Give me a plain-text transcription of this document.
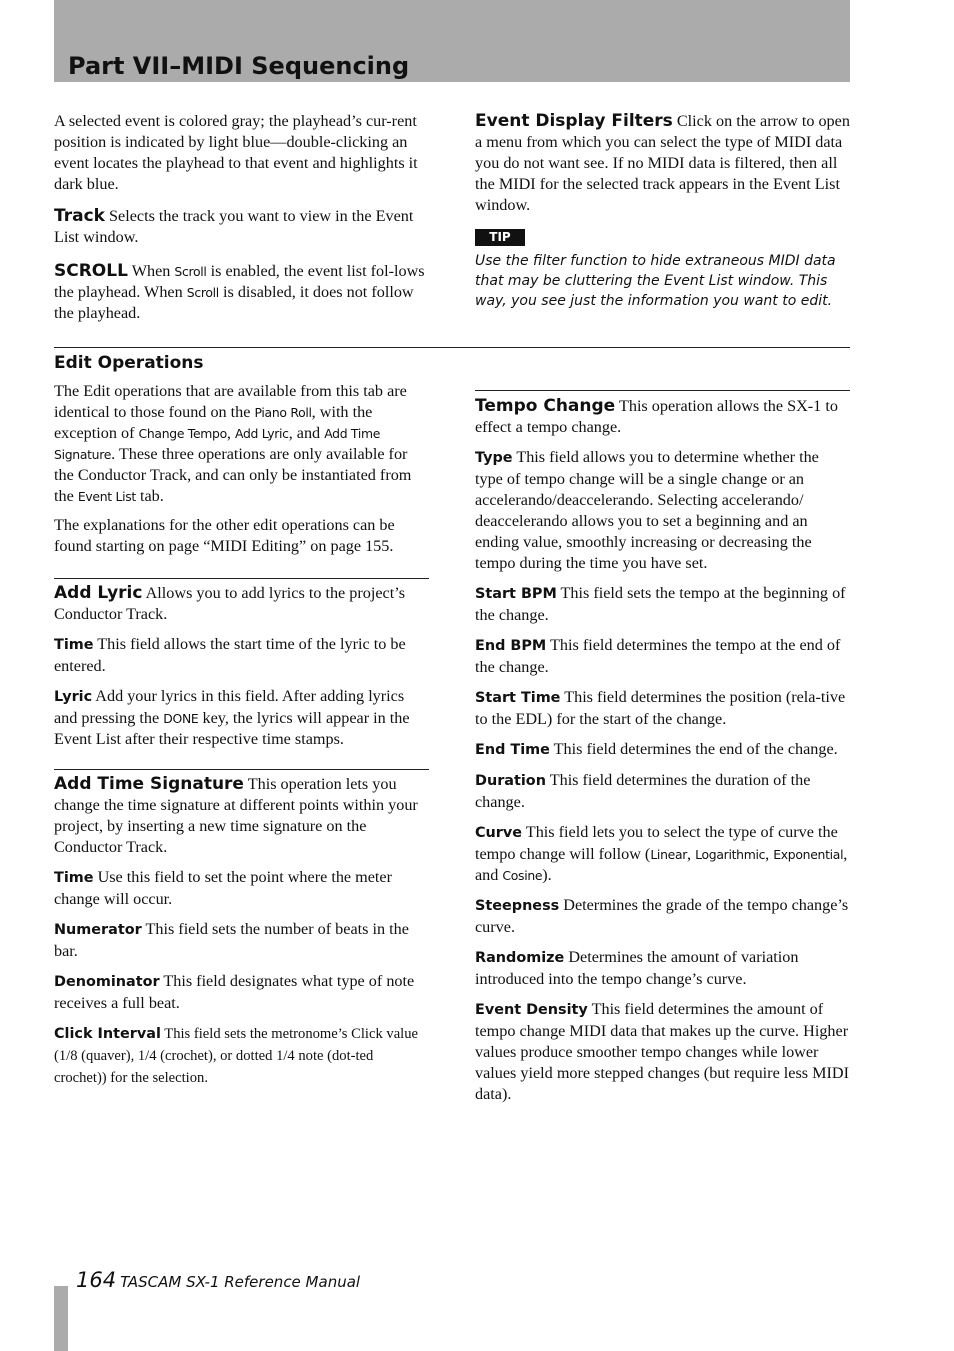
Part VII–MIDI Sequencing

A selected event is colored gray; the playhead’s cur-rent position is indicated by light blue—double-clicking an event locates the playhead to that event and highlights it dark blue.

Track Selects the track you want to view in the Event List window.

SCROLL When Scroll is enabled, the event list fol-lows the playhead. When Scroll is disabled, it does not follow the playhead.

Event Display Filters Click on the arrow to open a menu from which you can select the type of MIDI data you do not want see. If no MIDI data is filtered, then all the MIDI for the selected track appears in the Event List window.

TIP
Use the filter function to hide extraneous MIDI data that may be cluttering the Event List window. This way, you see just the information you want to edit.
Edit Operations

The Edit operations that are available from this tab are identical to those found on the Piano Roll, with the exception of Change Tempo, Add Lyric, and Add Time Signature. These three operations are only available for the Conductor Track, and can only be instantiated from the Event List tab.

The explanations for the other edit operations can be found starting on page “MIDI Editing” on page 155.

Add Lyric Allows you to add lyrics to the project’s Conductor Track.

Time This field allows the start time of the lyric to be entered.

Lyric Add your lyrics in this field. After adding lyrics and pressing the DONE key, the lyrics will appear in the Event List after their respective time stamps.

Add Time Signature This operation lets you change the time signature at different points within your project, by inserting a new time signature on the Conductor Track.

Time Use this field to set the point where the meter change will occur.

Numerator This field sets the number of beats in the bar.

Denominator This field designates what type of note receives a full beat.

Click Interval This field sets the metronome’s Click value (1/8 (quaver), 1/4 (crochet), or dotted 1/4 note (dot-ted crochet)) for the selection.

Tempo Change This operation allows the SX-1 to effect a tempo change.

Type This field allows you to determine whether the type of tempo change will be a single change or an accelerando/deaccelerando. Selecting accelerando/ deaccelerando allows you to set a beginning and an ending value, smoothly increasing or decreasing the tempo during the time you have set.

Start BPM This field sets the tempo at the beginning of the change.

End BPM This field determines the tempo at the end of the change.

Start Time This field determines the position (rela-tive to the EDL) for the start of the change.

End Time This field determines the end of the change.

Duration This field determines the duration of the change.

Curve This field lets you to select the type of curve the tempo change will follow (Linear, Logarithmic, Exponential, and Cosine).

Steepness Determines the grade of the tempo change’s curve.

Randomize Determines the amount of variation introduced into the tempo change’s curve.

Event Density This field determines the amount of tempo change MIDI data that makes up the curve. Higher values produce smoother tempo changes while lower values yield more stepped changes (but require less MIDI data).

164 TASCAM SX-1 Reference Manual
